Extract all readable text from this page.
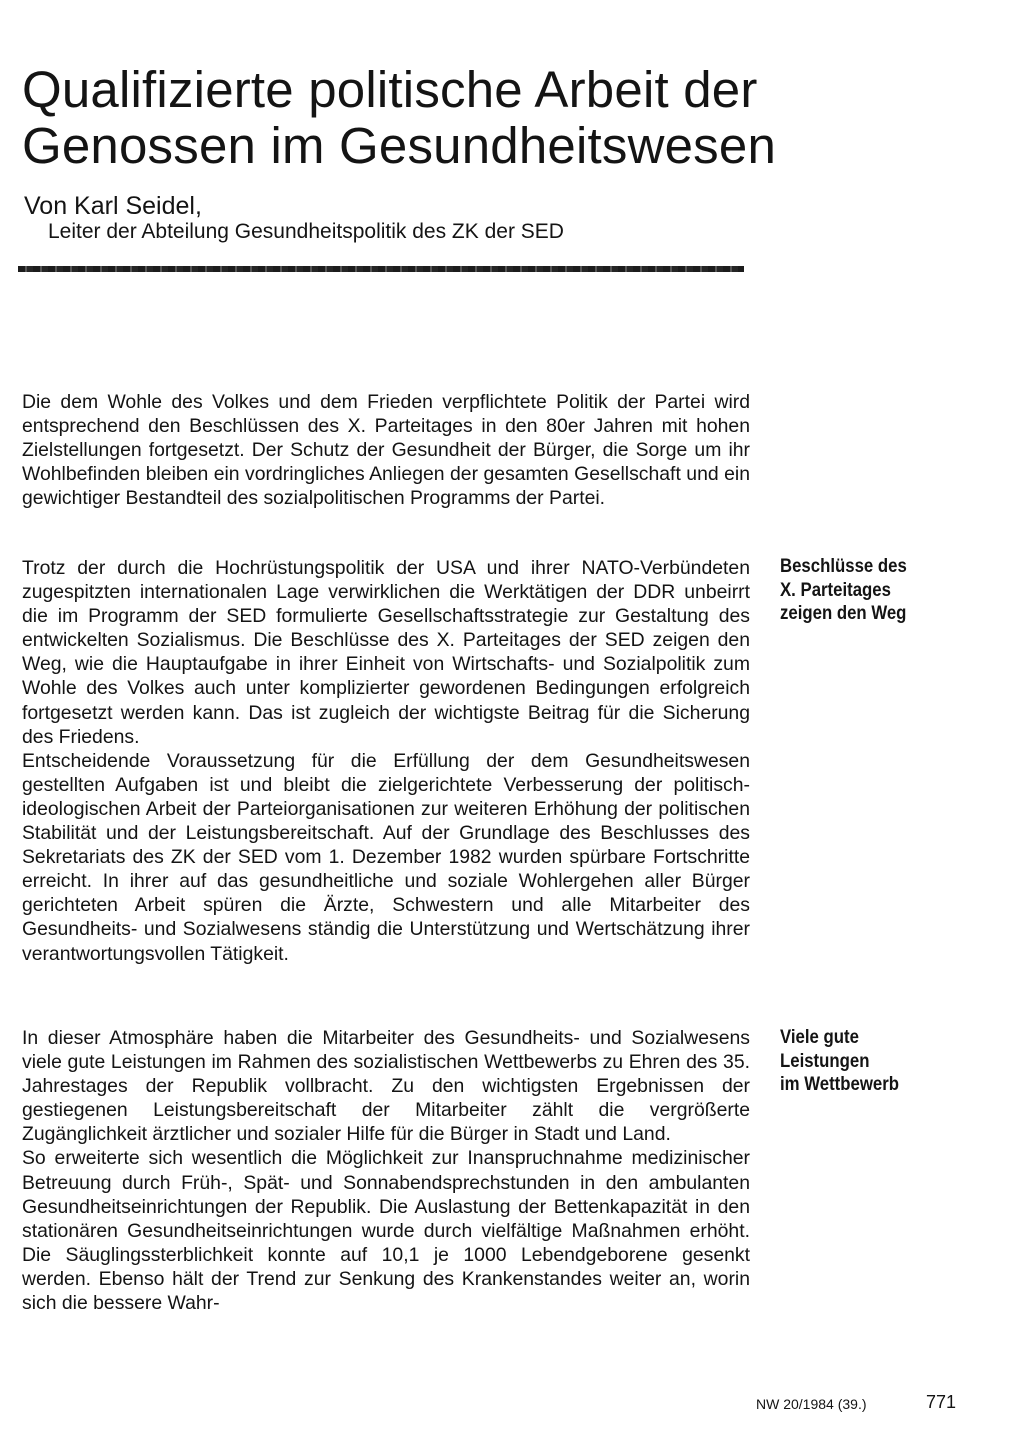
Qualifizierte politische Arbeit der
Genossen im Gesundheitswesen
Von Karl Seidel,
Leiter der Abteilung Gesundheitspolitik des ZK der SED

Die dem Wohle des Volkes und dem Frieden verpflichtete Politik der Partei wird entsprechend den Beschlüssen des X. Parteitages in den 80er Jahren mit hohen Zielstellungen fortgesetzt. Der Schutz der Gesundheit der Bürger, die Sorge um ihr Wohlbefinden bleiben ein vordringliches Anliegen der gesamten Gesellschaft und ein gewichtiger Bestandteil des sozialpolitischen Programms der Partei.

Trotz der durch die Hochrüstungspolitik der USA und ihrer NATO-Verbündeten zugespitzten internationalen Lage verwirklichen die Werktätigen der DDR unbeirrt die im Programm der SED formulierte Gesellschaftsstrategie zur Gestaltung des entwickelten Sozialismus. Die Beschlüsse des X. Parteitages der SED zeigen den Weg, wie die Hauptaufgabe in ihrer Einheit von Wirtschafts- und Sozialpolitik zum Wohle des Volkes auch unter komplizierter gewordenen Bedingungen erfolgreich fortgesetzt werden kann. Das ist zugleich der wichtigste Beitrag für die Sicherung des Friedens.

Entscheidende Voraussetzung für die Erfüllung der dem Gesundheitswesen gestellten Aufgaben ist und bleibt die zielgerichtete Verbesserung der politisch-ideologischen Arbeit der Parteiorganisationen zur weiteren Erhöhung der politischen Stabilität und der Leistungsbereitschaft. Auf der Grundlage des Beschlusses des Sekretariats des ZK der SED vom 1. Dezember 1982 wurden spürbare Fortschritte erreicht. In ihrer auf das gesundheitliche und soziale Wohlergehen aller Bürger gerichteten Arbeit spüren die Ärzte, Schwestern und alle Mitarbeiter des Gesundheits- und Sozialwesens ständig die Unterstützung und Wertschätzung ihrer verantwortungsvollen Tätigkeit.

In dieser Atmosphäre haben die Mitarbeiter des Gesundheits- und Sozialwesens viele gute Leistungen im Rahmen des sozialistischen Wettbewerbs zu Ehren des 35. Jahrestages der Republik vollbracht. Zu den wichtigsten Ergebnissen der gestiegenen Leistungsbereitschaft der Mitarbeiter zählt die vergrößerte Zugänglichkeit ärztlicher und sozialer Hilfe für die Bürger in Stadt und Land.

So erweiterte sich wesentlich die Möglichkeit zur Inanspruchnahme medizinischer Betreuung durch Früh-, Spät- und Sonnabendsprechstunden in den ambulanten Gesundheitseinrichtungen der Republik. Die Auslastung der Bettenkapazität in den stationären Gesundheitseinrichtungen wurde durch vielfältige Maßnahmen erhöht. Die Säuglingssterblichkeit konnte auf 10,1 je 1000 Lebendgeborene gesenkt werden. Ebenso hält der Trend zur Senkung des Krankenstandes weiter an, worin sich die bessere Wahr-

Beschlüsse des
X. Parteitages
zeigen den Weg
Viele gute
Leistungen
im Wettbewerb
NW 20/1984 (39.)	771
